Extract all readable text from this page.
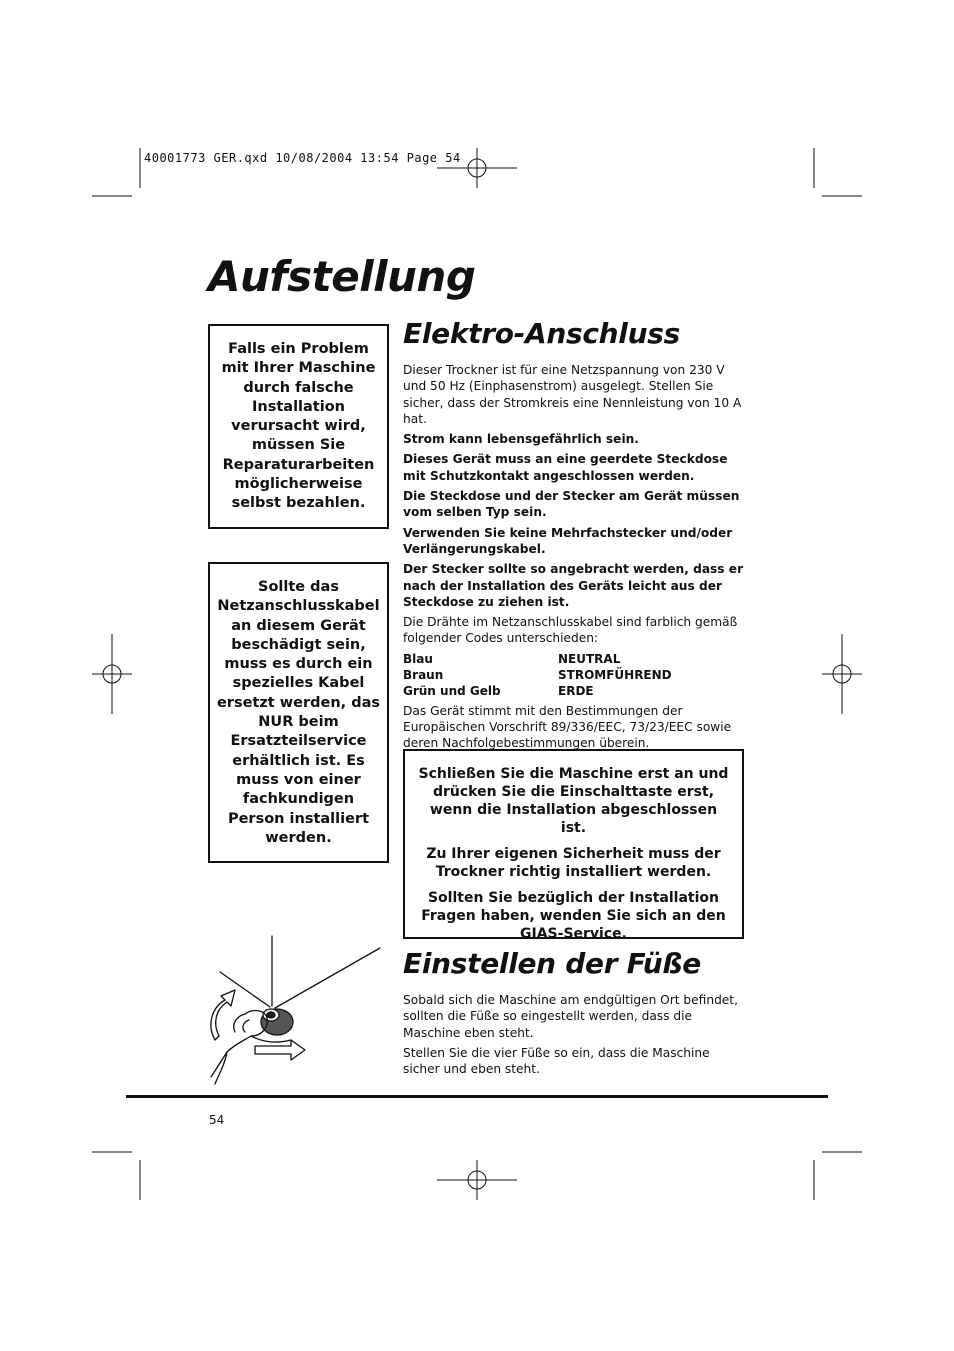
40001773 GER.qxd 10/08/2004 13:54 Page 54
Aufstellung

Falls ein Problem

mit Ihrer Maschine

durch falsche

Installation

verursacht wird,

müssen Sie

Reparaturarbeiten

möglicherweise

selbst bezahlen.

Sollte das

Netzanschlusskabel

an diesem Gerät

beschädigt sein,

muss es durch ein

spezielles Kabel

ersetzt werden, das

NUR beim

Ersatzteilservice

erhältlich ist. Es

muss von einer

fachkundigen

Person installiert

werden.

Elektro-Anschluss

Dieser Trockner ist für eine Netzspannung von 230 V und 50 Hz (Einphasenstrom) ausgelegt. Stellen Sie sicher, dass der Stromkreis eine Nennleistung von 10 A hat.

Strom kann lebensgefährlich sein.

Dieses Gerät muss an eine geerdete Steckdose mit Schutzkontakt angeschlossen werden.

Die Steckdose und der Stecker am Gerät müssen vom selben Typ sein.

Verwenden Sie keine Mehrfachstecker und/oder Verlängerungskabel.

Der Stecker sollte so angebracht werden, dass er nach der Installation des Geräts leicht aus der Steckdose zu ziehen ist.

Die Drähte im Netzanschlusskabel sind farblich gemäß folgender Codes unterschieden:

Blau	NEUTRAL
Braun	STROMFÜHREND
Grün und Gelb	ERDE

Das Gerät stimmt mit den Bestimmungen der Europäischen Vorschrift 89/336/EEC, 73/23/EEC sowie deren Nachfolgebestimmungen überein.

Schließen Sie die Maschine erst an und drücken Sie die Einschalttaste erst, wenn die Installation abgeschlossen ist.

Zu Ihrer eigenen Sicherheit muss der Trockner richtig installiert werden.

Sollten Sie bezüglich der Installation Fragen haben, wenden Sie sich an den GIAS-Service.

Einstellen der Füße

Sobald sich die Maschine am endgültigen Ort befindet, sollten die Füße so eingestellt werden, dass die Maschine eben steht.

Stellen Sie die vier Füße so ein, dass die Maschine sicher und eben steht.

54
